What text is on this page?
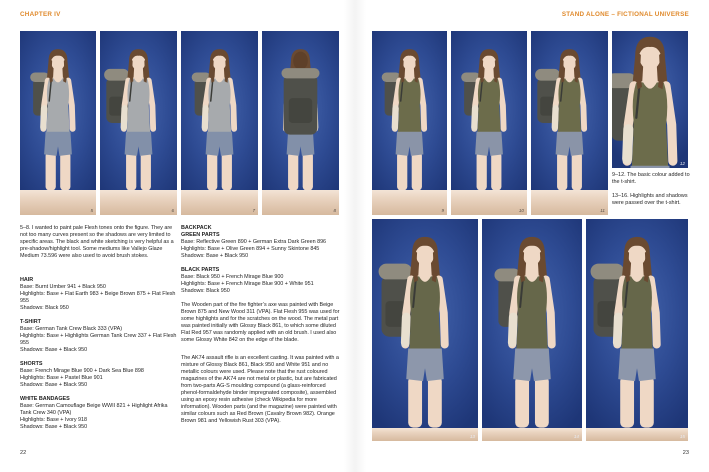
CHAPTER IV	STAND ALONE – FICTIONAL UNIVERSE
5	6	7	8

5–8. I wanted to paint pale Flesh tones onto the figure. They are not too many curves present so the shadows are very limited to specific areas. The black and white sketching is very helpful as a pre-shadow/highlight tool. Some mediums like Vallejo Glaze Medium 73.596 were also used to avoid brush stokes.

HAIR
Base: Burnt Umber 941 + Black 950
Highlights: Base + Flat Earth 983 + Beige Brown 875 + Flat Flesh 955
Shadows: Black 950
T-SHIRT
Base: German Tank Crew Black 333 (VPA)
Highlights: Base + Highlights German Tank Crew 337 + Flat Flesh 955
Shadows: Base + Black 950
SHORTS
Base: French Mirage Blue 900 + Dark Sea Blue 898
Highlights: Base + Pastel Blue 901
Shadows: Base + Black 950
WHITE BANDAGES
Base: German Camouflage Beige WWII 821 + Highlight Afrika Tank Crew 340 (VPA)
Highlights: Base + Ivory 918
Shadows: Base + Black 950
BACKPACK
GREEN PARTS
Base: Reflective Green 890 + German Extra Dark Green 896
Highlights: Base + Olive Green 894 + Sunny Skintone 845
Shadows: Base + Black 950
BLACK PARTS
Base: Black 950 + French Mirage Blue 900
Highlights: Base + French Mirage Blue 900 + White 951
Shadows: Black 950

The Wooden part of the fire fighter’s axe was painted with Beige Brown 875 and New Wood 311 (VPA). Flat Flesh 955 was used for some highlights and for the scratches on the wood. The metal part was painted initially with Glossy Black 861, to which some diluted Flat Red 957 was randomly applied with an old brush. I used also some Glossy White 842 on the edge of the blade.

The AK74 assault rifle is an excellent casting. It was painted with a mixture of Glossy Black 861, Black 950 and White 951 and no metallic colours were used. Please note that the rust coloured magazines of the AK74 are not metal or plastic, but are fabricated from two-parts AG-S moulding compound (a glass-reinforced phenol-formaldehyde binder impregnated composite), assembled using an epoxy resin adhesive (check Wikipedia for more information). Wooden parts (and the magazine) were painted with similar colours such as Red Brown (Cavalry Brown 982). Orange Brown 981 and Yellowish Rust 303 (VPA).

22
9	10	11
12

9–12. The basic colour added to the t-shirt.

13–16. Highlights and shadows were passed over the t-shirt.

13	14	15
23
